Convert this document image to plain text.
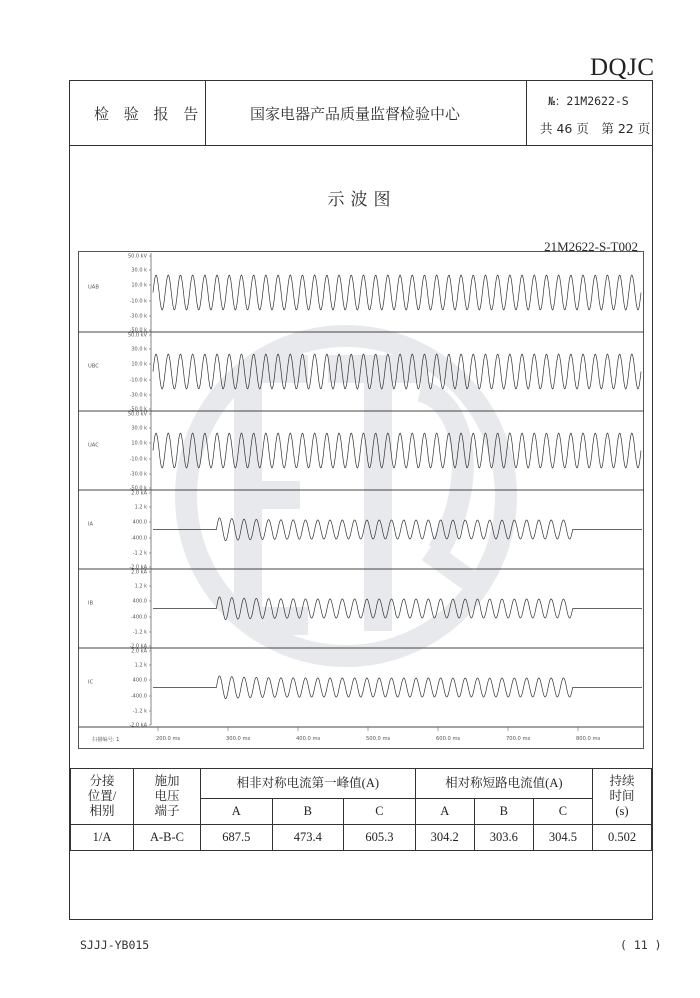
DQJC
检 验 报 告	国家电器产品质量监督检验中心
№：21M2622-S
共 46 页　第 22 页
示波图
21M2622-S-T002
UAB
50.0 kV
30.0 k
10.0 k
-10.0 k
-30.0 k
-50.0 k
UBC
50.0 kV
30.0 k
10.0 k
-10.0 k
-30.0 k
-50.0 k
UAC
50.0 kV
30.0 k
10.0 k
-10.0 k
-30.0 k
-50.0 k
IA
2.0 kA
1.2 k
400.0
-400.0
-1.2 k
-2.0 kA
IB
2.0 kA
1.2 k
400.0
-400.0
-1.2 k
-2.0 kA
IC
2.0 kA
1.2 k
400.0
-400.0
-1.2 k
-2.0 kA
扫描编号: 1	200.0 ms	300.0 ms	400.0 ms	500.0 ms	600.0 ms	700.0 ms	800.0 ms
分接
位置/
相别	施加
电压
端子	相非对称电流第一峰值(A)			相对称短路电流值(A)			持续
时间
(s)
		A	B	C	A	B	C	
1/A	A-B-C	687.5	473.4	605.3	304.2	303.6	304.5	0.502
SJJJ-YB015	( 11 )
